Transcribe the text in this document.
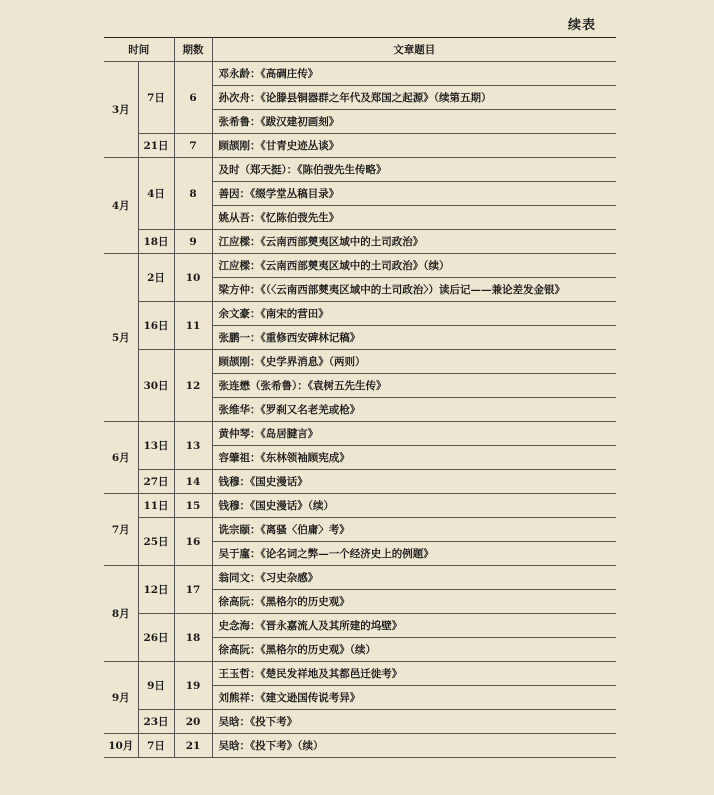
续表
时间		期数	文章题目
3月	7日	6	邓永龄：《高碉庄传》
			孙次舟：《论滕县铜器群之年代及郑国之起源》（续第五期）
			张希鲁：《跋汉建初画刻》
	21日	7	顾颉刚：《甘青史迹丛谈》
4月	4日	8	及时（郑天挺）：《陈伯弢先生传略》
			善因：《缀学堂丛稿目录》
			姚从吾：《忆陈伯弢先生》
	18日	9	江应樑：《云南西部僰夷区域中的土司政治》
5月	2日	10	江应樑：《云南西部僰夷区域中的土司政治》（续）
			梁方仲：《（〈云南西部僰夷区域中的土司政治〉）读后记——兼论差发金银》
	16日	11	余文豪：《南宋的营田》
			张鹏一：《重修西安碑林记稿》
	30日	12	顾颉刚：《史学界消息》（两则）
			张连懋（张希鲁）：《袁树五先生传》
			张维华：《罗刹又名老羌或枪》
6月	13日	13	黄仲琴：《岛居腱言》
			容肇祖：《东林领袖顾宪成》
	27日	14	钱穆：《国史漫话》
7月	11日	15	钱穆：《国史漫话》（续）
	25日	16	诜宗颐：《离骚〈伯庸〉考》
			吴于廑：《论名词之弊—一个经济史上的例题》
8月	12日	17	翁同文：《习史杂感》
			徐高阮：《黑格尔的历史观》
	26日	18	史念海：《晋永嘉流人及其所建的坞壁》
			徐高阮：《黑格尔的历史观》（续）
9月	9日	19	王玉哲：《楚民发祥地及其都邑迁徙考》
			刘熊祥：《建文逊国传说考异》
	23日	20	吴晗：《投下考》
10月	7日	21	吴晗：《投下考》（续）
